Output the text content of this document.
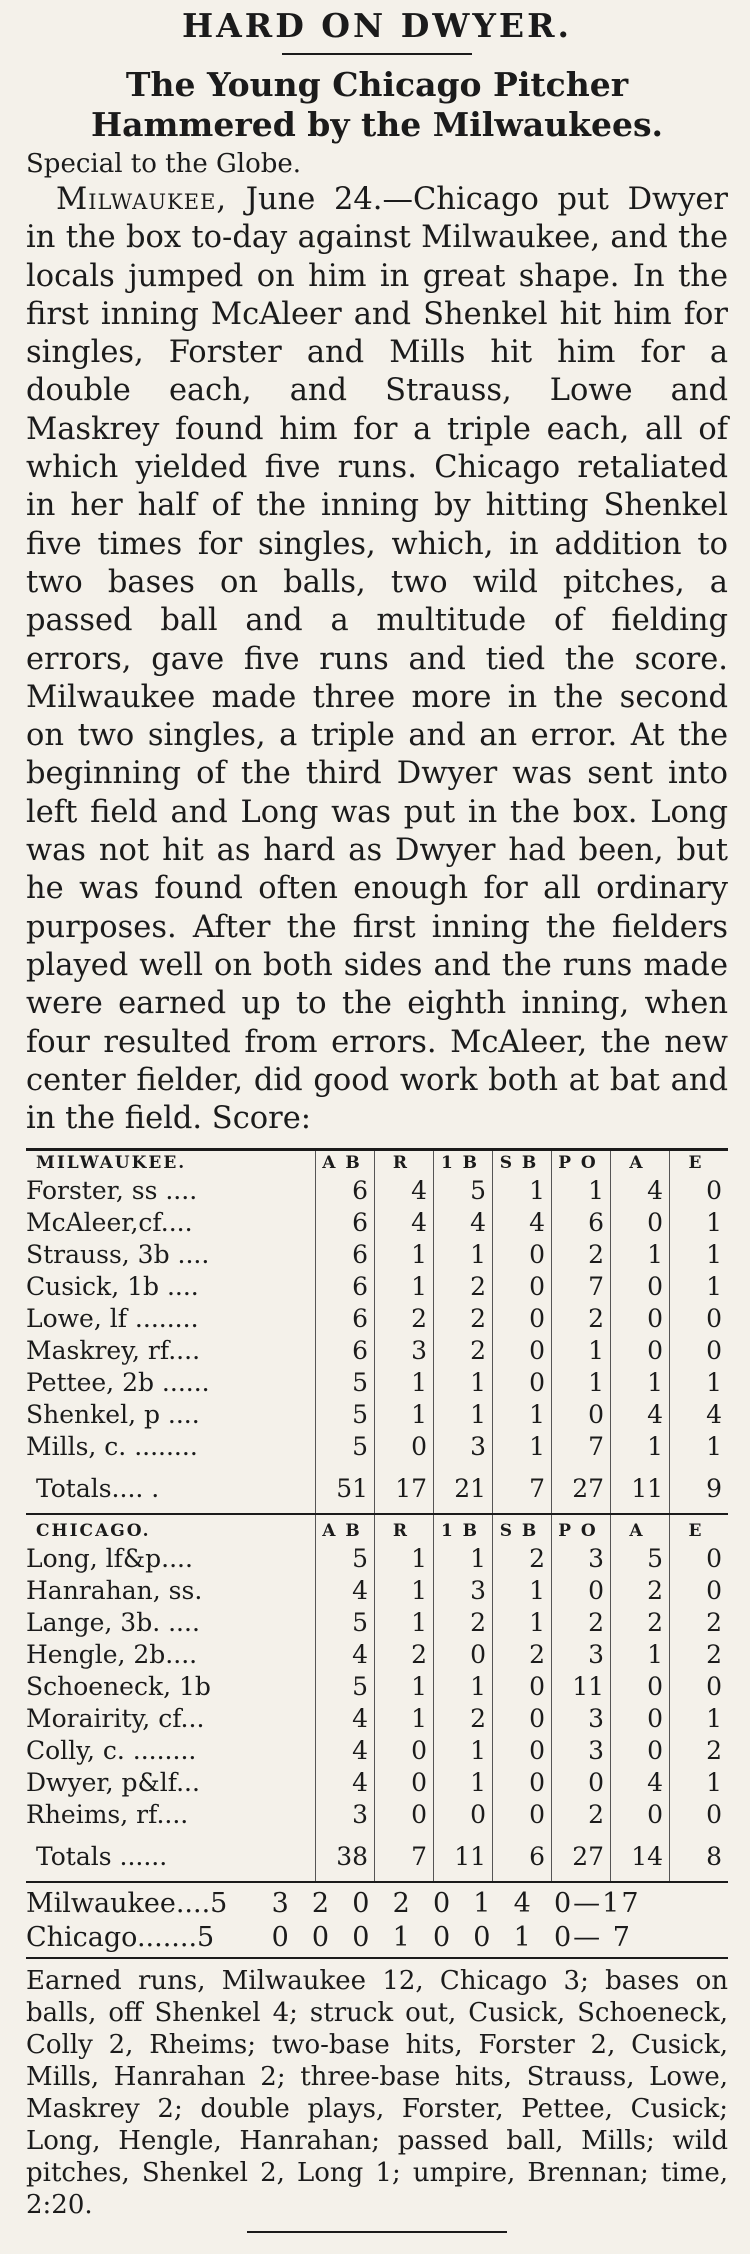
HARD ON DWYER.
The Young Chicago Pitcher Hammered by the Milwaukees.

Special to the Globe.

Milwaukee, June 24.—Chicago put Dwyer in the box to-day against Milwaukee, and the locals jumped on him in great shape. In the first inning McAleer and Shenkel hit him for singles, Forster and Mills hit him for a double each, and Strauss, Lowe and Maskrey found him for a triple each, all of which yielded five runs. Chicago retaliated in her half of the inning by hitting Shenkel five times for singles, which, in addition to two bases on balls, two wild pitches, a passed ball and a multitude of fielding errors, gave five runs and tied the score. Milwaukee made three more in the second on two singles, a triple and an error. At the beginning of the third Dwyer was sent into left field and Long was put in the box. Long was not hit as hard as Dwyer had been, but he was found often enough for all ordinary purposes. After the first inning the fielders played well on both sides and the runs made were earned up to the eighth inning, when four resulted from errors. McAleer, the new center fielder, did good work both at bat and in the field. Score:

MILWAUKEE.	A B	R	1 B	S B	P O	A	E
Forster, ss ....	6	4	5	1	1	4	0
McAleer,cf....	6	4	4	4	6	0	1
Strauss, 3b ....	6	1	1	0	2	1	1
Cusick, 1b ....	6	1	2	0	7	0	1
Lowe, lf ........	6	2	2	0	2	0	0
Maskrey, rf....	6	3	2	0	1	0	0
Pettee, 2b ......	5	1	1	0	1	1	1
Shenkel, p ....	5	1	1	1	0	4	4
Mills, c. ........	5	0	3	1	7	1	1
Totals.... .	51	17	21	7	27	11	9
CHICAGO.	A B	R	1 B	S B	P O	A	E
Long, lf&p....	5	1	1	2	3	5	0
Hanrahan, ss.	4	1	3	1	0	2	0
Lange, 3b. ....	5	1	2	1	2	2	2
Hengle, 2b....	4	2	0	2	3	1	2
Schoeneck, 1b	5	1	1	0	11	0	0
Morairity, cf...	4	1	2	0	3	0	1
Colly, c. ........	4	0	1	0	3	0	2
Dwyer, p&lf...	4	0	1	0	0	4	1
Rheims, rf....	3	0	0	0	2	0	0
Totals ......	38	7	11	6	27	14	8
Milwaukee....5	3  2  0  2  0  1  4  0—17
Chicago.......5	0  0  0  1  0  0  1  0— 7

Earned runs, Milwaukee 12, Chicago 3; bases on balls, off Shenkel 4; struck out, Cusick, Schoeneck, Colly 2, Rheims; two-base hits, Forster 2, Cusick, Mills, Hanrahan 2; three-base hits, Strauss, Lowe, Maskrey 2; double plays, Forster, Pettee, Cusick; Long, Hengle, Hanrahan; passed ball, Mills; wild pitches, Shenkel 2, Long 1; umpire, Brennan; time, 2:20.
